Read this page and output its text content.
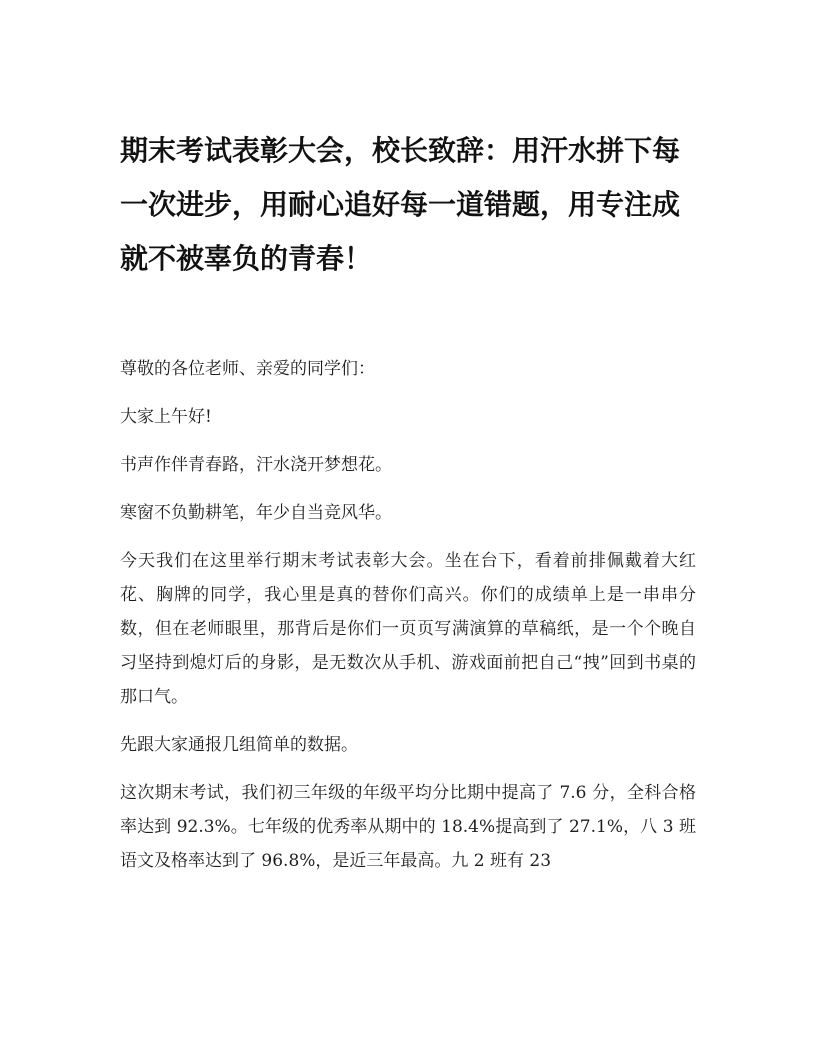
期末考试表彰大会，校长致辞：用汗水拼下每一次进步，用耐心追好每一道错题，用专注成就不被辜负的青春！

尊敬的各位老师、亲爱的同学们：

大家上午好!

书声作伴青春路，汗水浇开梦想花。

寒窗不负勤耕笔，年少自当竞风华。

今天我们在这里举行期末考试表彰大会。坐在台下，看着前排佩戴着大红花、胸牌的同学，我心里是真的替你们高兴。你们的成绩单上是一串串分数，但在老师眼里，那背后是你们一页页写满演算的草稿纸，是一个个晚自习坚持到熄灯后的身影，是无数次从手机、游戏面前把自己“拽”回到书桌的那口气。

先跟大家通报几组简单的数据。

这次期末考试，我们初三年级的年级平均分比期中提高了 7.6 分，全科合格率达到 92.3%。七年级的优秀率从期中的 18.4%提高到了 27.1%，八 3 班语文及格率达到了 96.8%，是近三年最高。九 2 班有 23
